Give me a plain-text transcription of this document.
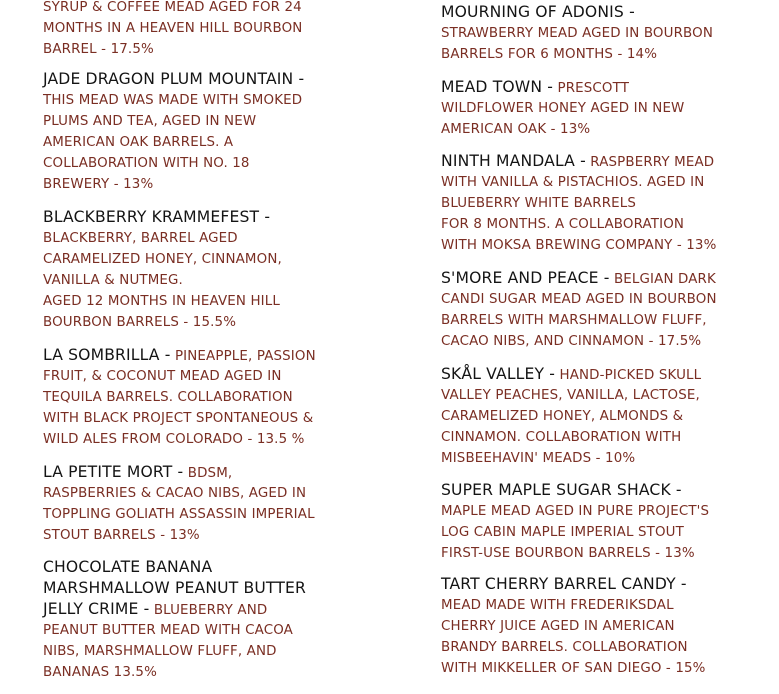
SYRUP & COFFEE MEAD AGED FOR 24
MONTHS IN A HEAVEN HILL BOURBON
BARREL - 17.5%
JADE DRAGON PLUM MOUNTAIN -
THIS MEAD WAS MADE WITH SMOKED
PLUMS AND TEA, AGED IN NEW
AMERICAN OAK BARRELS. A
COLLABORATION WITH NO. 18
BREWERY - 13%
BLACKBERRY KRAMMEFEST -
BLACKBERRY, BARREL AGED
CARAMELIZED HONEY, CINNAMON,
VANILLA & NUTMEG.
AGED 12 MONTHS IN HEAVEN HILL
BOURBON BARRELS - 15.5%
LA SOMBRILLA - PINEAPPLE, PASSION
FRUIT, & COCONUT MEAD AGED IN
TEQUILA BARRELS. COLLABORATION
WITH BLACK PROJECT SPONTANEOUS &
WILD ALES FROM COLORADO - 13.5 %
LA PETITE MORT - BDSM,
RASPBERRIES & CACAO NIBS, AGED IN
TOPPLING GOLIATH ASSASSIN IMPERIAL
STOUT BARRELS - 13%
CHOCOLATE BANANA
MARSHMALLOW PEANUT BUTTER
JELLY CRIME - BLUEBERRY AND
PEANUT BUTTER MEAD WITH CACOA
NIBS, MARSHMALLOW FLUFF, AND
BANANAS 13.5%
MOURNING OF ADONIS -
STRAWBERRY MEAD AGED IN BOURBON
BARRELS FOR 6 MONTHS - 14%
MEAD TOWN - PRESCOTT
WILDFLOWER HONEY AGED IN NEW
AMERICAN OAK - 13%
NINTH MANDALA - RASPBERRY MEAD
WITH VANILLA & PISTACHIOS. AGED IN
BLUEBERRY WHITE BARRELS
FOR 8 MONTHS. A COLLABORATION
WITH MOKSA BREWING COMPANY - 13%
S'MORE AND PEACE - BELGIAN DARK
CANDI SUGAR MEAD AGED IN BOURBON
BARRELS WITH MARSHMALLOW FLUFF,
CACAO NIBS, AND CINNAMON - 17.5%
SKÅL VALLEY - HAND-PICKED SKULL
VALLEY PEACHES, VANILLA, LACTOSE,
CARAMELIZED HONEY, ALMONDS &
CINNAMON. COLLABORATION WITH
MISBEEHAVIN' MEADS - 10%
SUPER MAPLE SUGAR SHACK -
MAPLE MEAD AGED IN PURE PROJECT'S
LOG CABIN MAPLE IMPERIAL STOUT
FIRST-USE BOURBON BARRELS - 13%
TART CHERRY BARREL CANDY -
MEAD MADE WITH FREDERIKSDAL
CHERRY JUICE AGED IN AMERICAN
BRANDY BARRELS. COLLABORATION
WITH MIKKELLER OF SAN DIEGO - 15%
